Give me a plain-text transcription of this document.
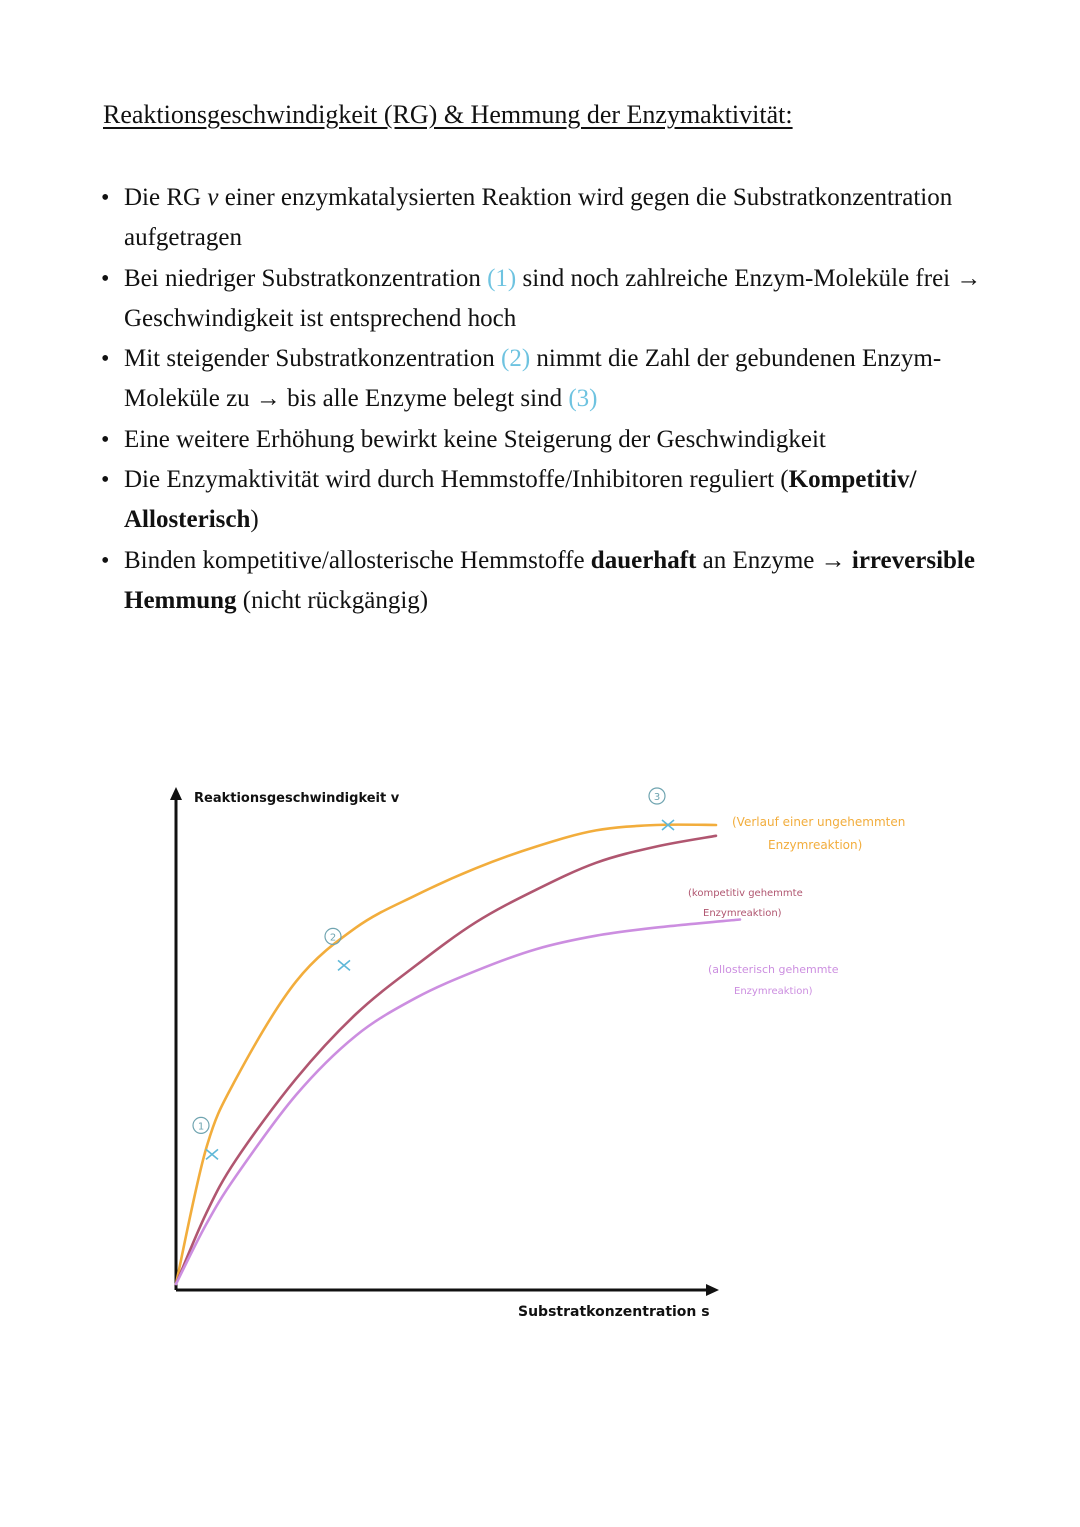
Reaktionsgeschwindigkeit (RG) & Hemmung der Enzymaktivität:
• Die RG v einer enzymkatalysierten Reaktion wird gegen die Substratkonzentration aufgetragen
• Bei niedriger Substratkonzentration (1) sind noch zahlreiche Enzym-Moleküle frei → Geschwindigkeit ist entsprechend hoch
• Mit steigender Substratkonzentration (2) nimmt die Zahl der gebundenen Enzym-Moleküle zu → bis alle Enzyme belegt sind (3)
• Eine weitere Erhöhung bewirkt keine Steigerung der Geschwindigkeit
• Die Enzymaktivität wird durch Hemmstoffe/Inhibitoren reguliert (Kompetitiv/ Allosterisch)
• Binden kompetitive/allosterische Hemmstoffe dauerhaft an Enzyme → irreversible Hemmung (nicht rückgängig)
Reaktionsgeschwindigkeit v
Substratkonzentration s
1
2
3
(Verlauf einer ungehemmten
Enzymreaktion)
(kompetitiv gehemmte
Enzymreaktion)
(allosterisch gehemmte
Enzymreaktion)
